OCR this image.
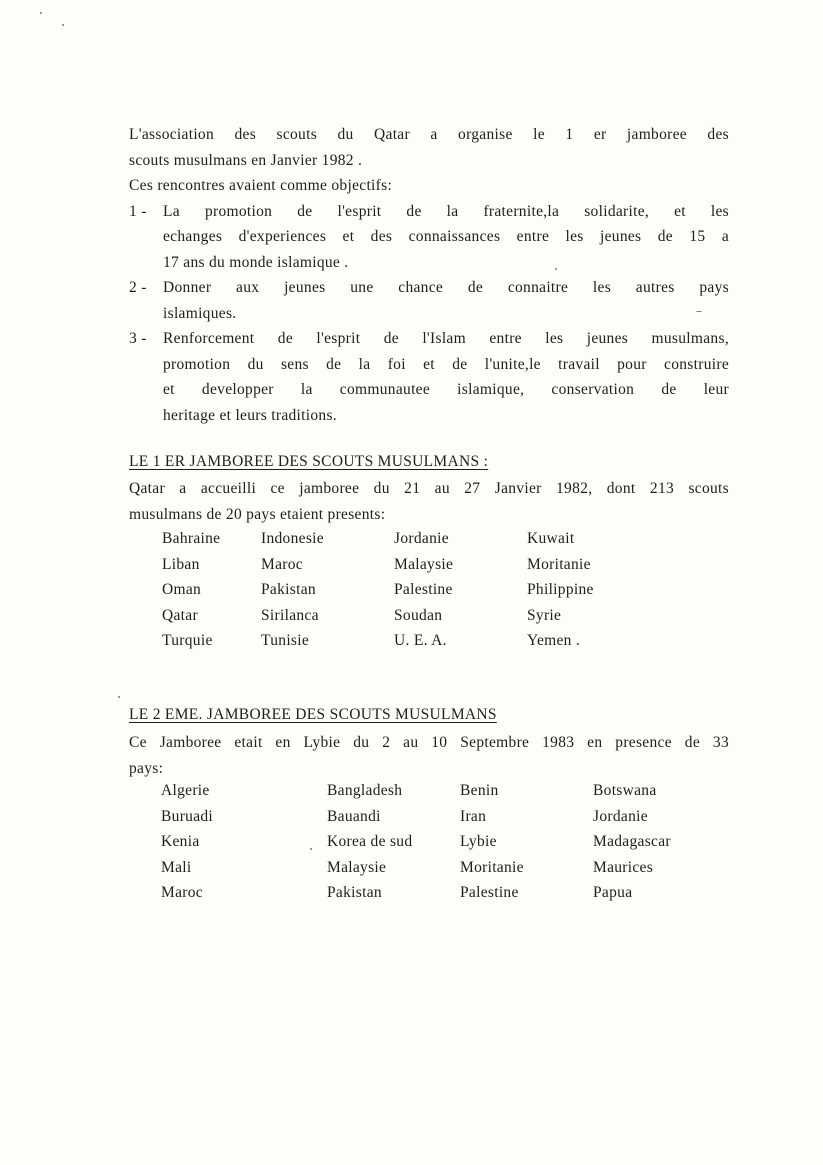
L'association des scouts du Qatar a organise le 1 er jamboree des
scouts musulmans en Janvier 1982 .
Ces rencontres avaient comme objectifs:
1 - La promotion de l'esprit de la fraternite,la solidarite, et les
echanges d'experiences et des connaissances entre les jeunes de 15 a
17 ans du monde islamique .
2 - Donner aux jeunes une chance de connaitre les autres pays
islamiques.
3 - Renforcement de l'esprit de l'Islam entre les jeunes musulmans,
promotion du sens de la foi et de l'unite,le travail pour construire
et developper la communautee islamique, conservation de leur
heritage et leurs traditions.
LE 1 ER JAMBOREE DES SCOUTS MUSULMANS :
Qatar a accueilli ce jamboree du 21 au 27 Janvier 1982, dont 213 scouts
musulmans de 20 pays etaient presents:
Bahraine	Indonesie	Jordanie	Kuwait
Liban	Maroc	Malaysie	Moritanie
Oman	Pakistan	Palestine	Philippine
Qatar	Sirilanca	Soudan	Syrie
Turquie	Tunisie	U. E. A.	Yemen .
LE 2 EME. JAMBOREE DES SCOUTS MUSULMANS
Ce Jamboree etait en Lybie du 2 au 10 Septembre 1983 en presence de 33
pays:
Algerie	Bangladesh	Benin	Botswana
Buruadi	Bauandi	Iran	Jordanie
Kenia	Korea de sud	Lybie	Madagascar
Mali	Malaysie	Moritanie	Maurices
Maroc	Pakistan	Palestine	Papua
